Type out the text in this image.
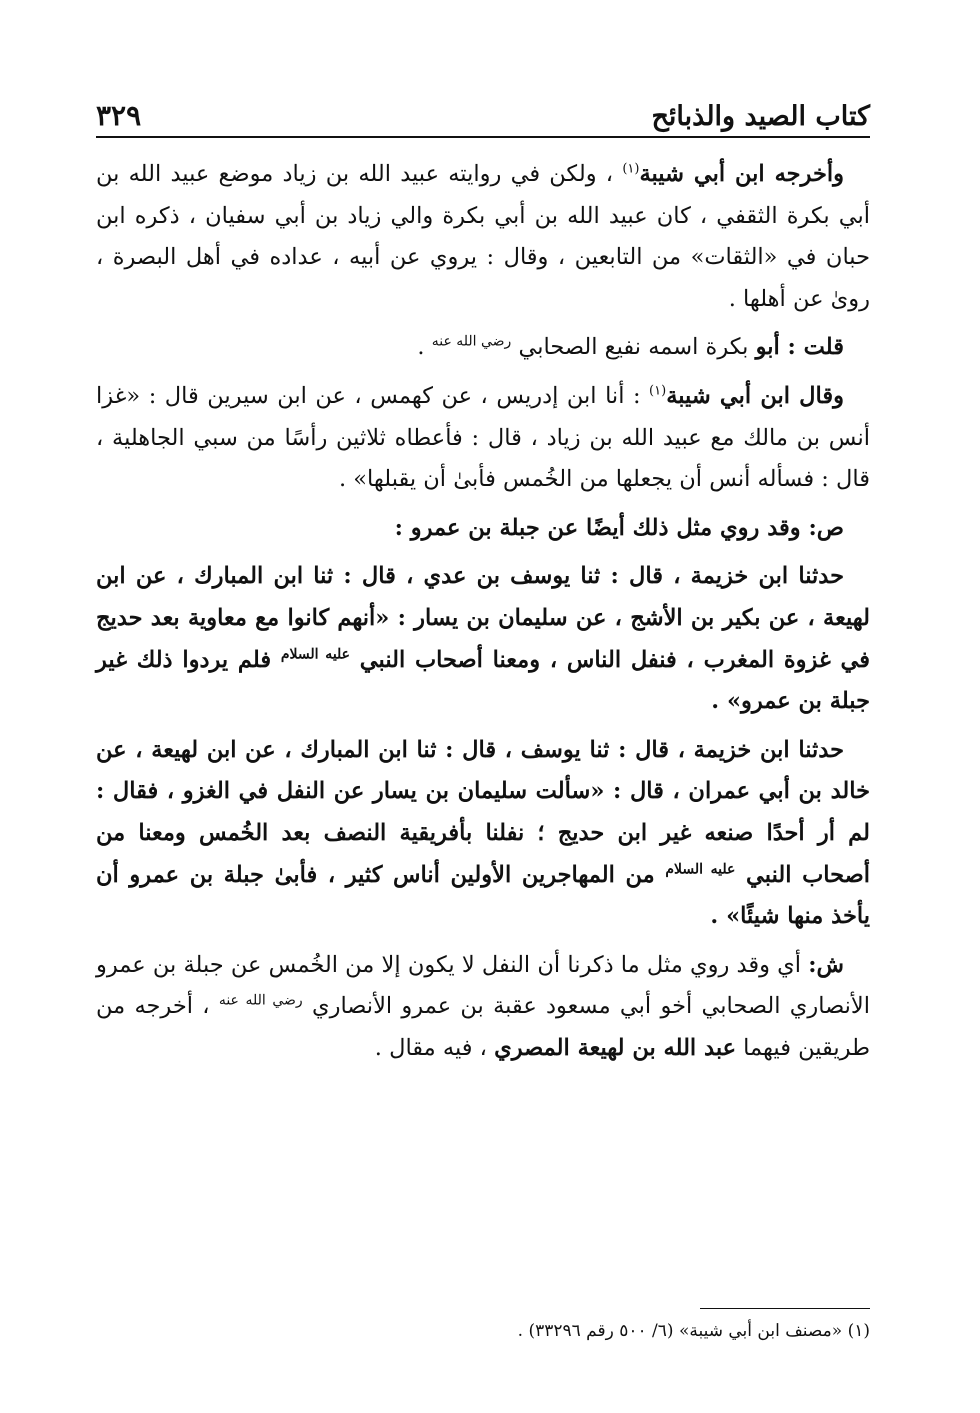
كتاب الصيد والذبائح
٣٢٩

وأخرجه ابن أبي شيبة$^{(١)}$ ، ولكن في روايته عبيد الله بن زياد موضع عبيد الله بن أبي بكرة الثقفي ، كان عبيد الله بن أبي بكرة والي زياد بن أبي سفيان ، ذكره ابن حبان في «الثقات» من التابعين ، وقال : يروي عن أبيه ، عداده في أهل البصرة ، روىٰ عن أهلها .

قلت : أبو بكرة اسمه نفيع الصحابي $^{رضي الله عنه}$ .

وقال ابن أبي شيبة$^{(١)}$ : أنا ابن إدريس ، عن كهمس ، عن ابن سيرين قال : «غزا أنس بن مالك مع عبيد الله بن زياد ، قال : فأعطاه ثلاثين رأسًا من سبي الجاهلية ، قال : فسأله أنس أن يجعلها من الخُمس فأبىٰ أن يقبلها» .

ص: وقد روي مثل ذلك أيضًا عن جبلة بن عمرو :

حدثنا ابن خزيمة ، قال : ثنا يوسف بن عدي ، قال : ثنا ابن المبارك ، عن ابن لهيعة ، عن بكير بن الأشج ، عن سليمان بن يسار : «أنهم كانوا مع معاوية بعد حديج في غزوة المغرب ، فنفل الناس ، ومعنا أصحاب النبي $^{عليه السلام}$ فلم يردوا ذلك غير جبلة بن عمرو» .

حدثنا ابن خزيمة ، قال : ثنا يوسف ، قال : ثنا ابن المبارك ، عن ابن لهيعة ، عن خالد بن أبي عمران ، قال : «سألت سليمان بن يسار عن النفل في الغزو ، فقال : لم أر أحدًا صنعه غير ابن حديج ؛ نفلنا بأفريقية النصف بعد الخُمس ومعنا من أصحاب النبي $^{عليه السلام}$ من المهاجرين الأولين أناس كثير ، فأبىٰ جبلة بن عمرو أن يأخذ منها شيئًا» .

ش: أي وقد روي مثل ما ذكرنا أن النفل لا يكون إلا من الخُمس عن جبلة بن عمرو الأنصاري الصحابي أخو أبي مسعود عقبة بن عمرو الأنصاري $^{رضي الله عنه}$ ، أخرجه من طريقين فيهما عبد الله بن لهيعة المصري ، فيه مقال .

(١) «مصنف ابن أبي شيبة» (٦/ ٥٠٠ رقم ٣٣٢٩٦) .
